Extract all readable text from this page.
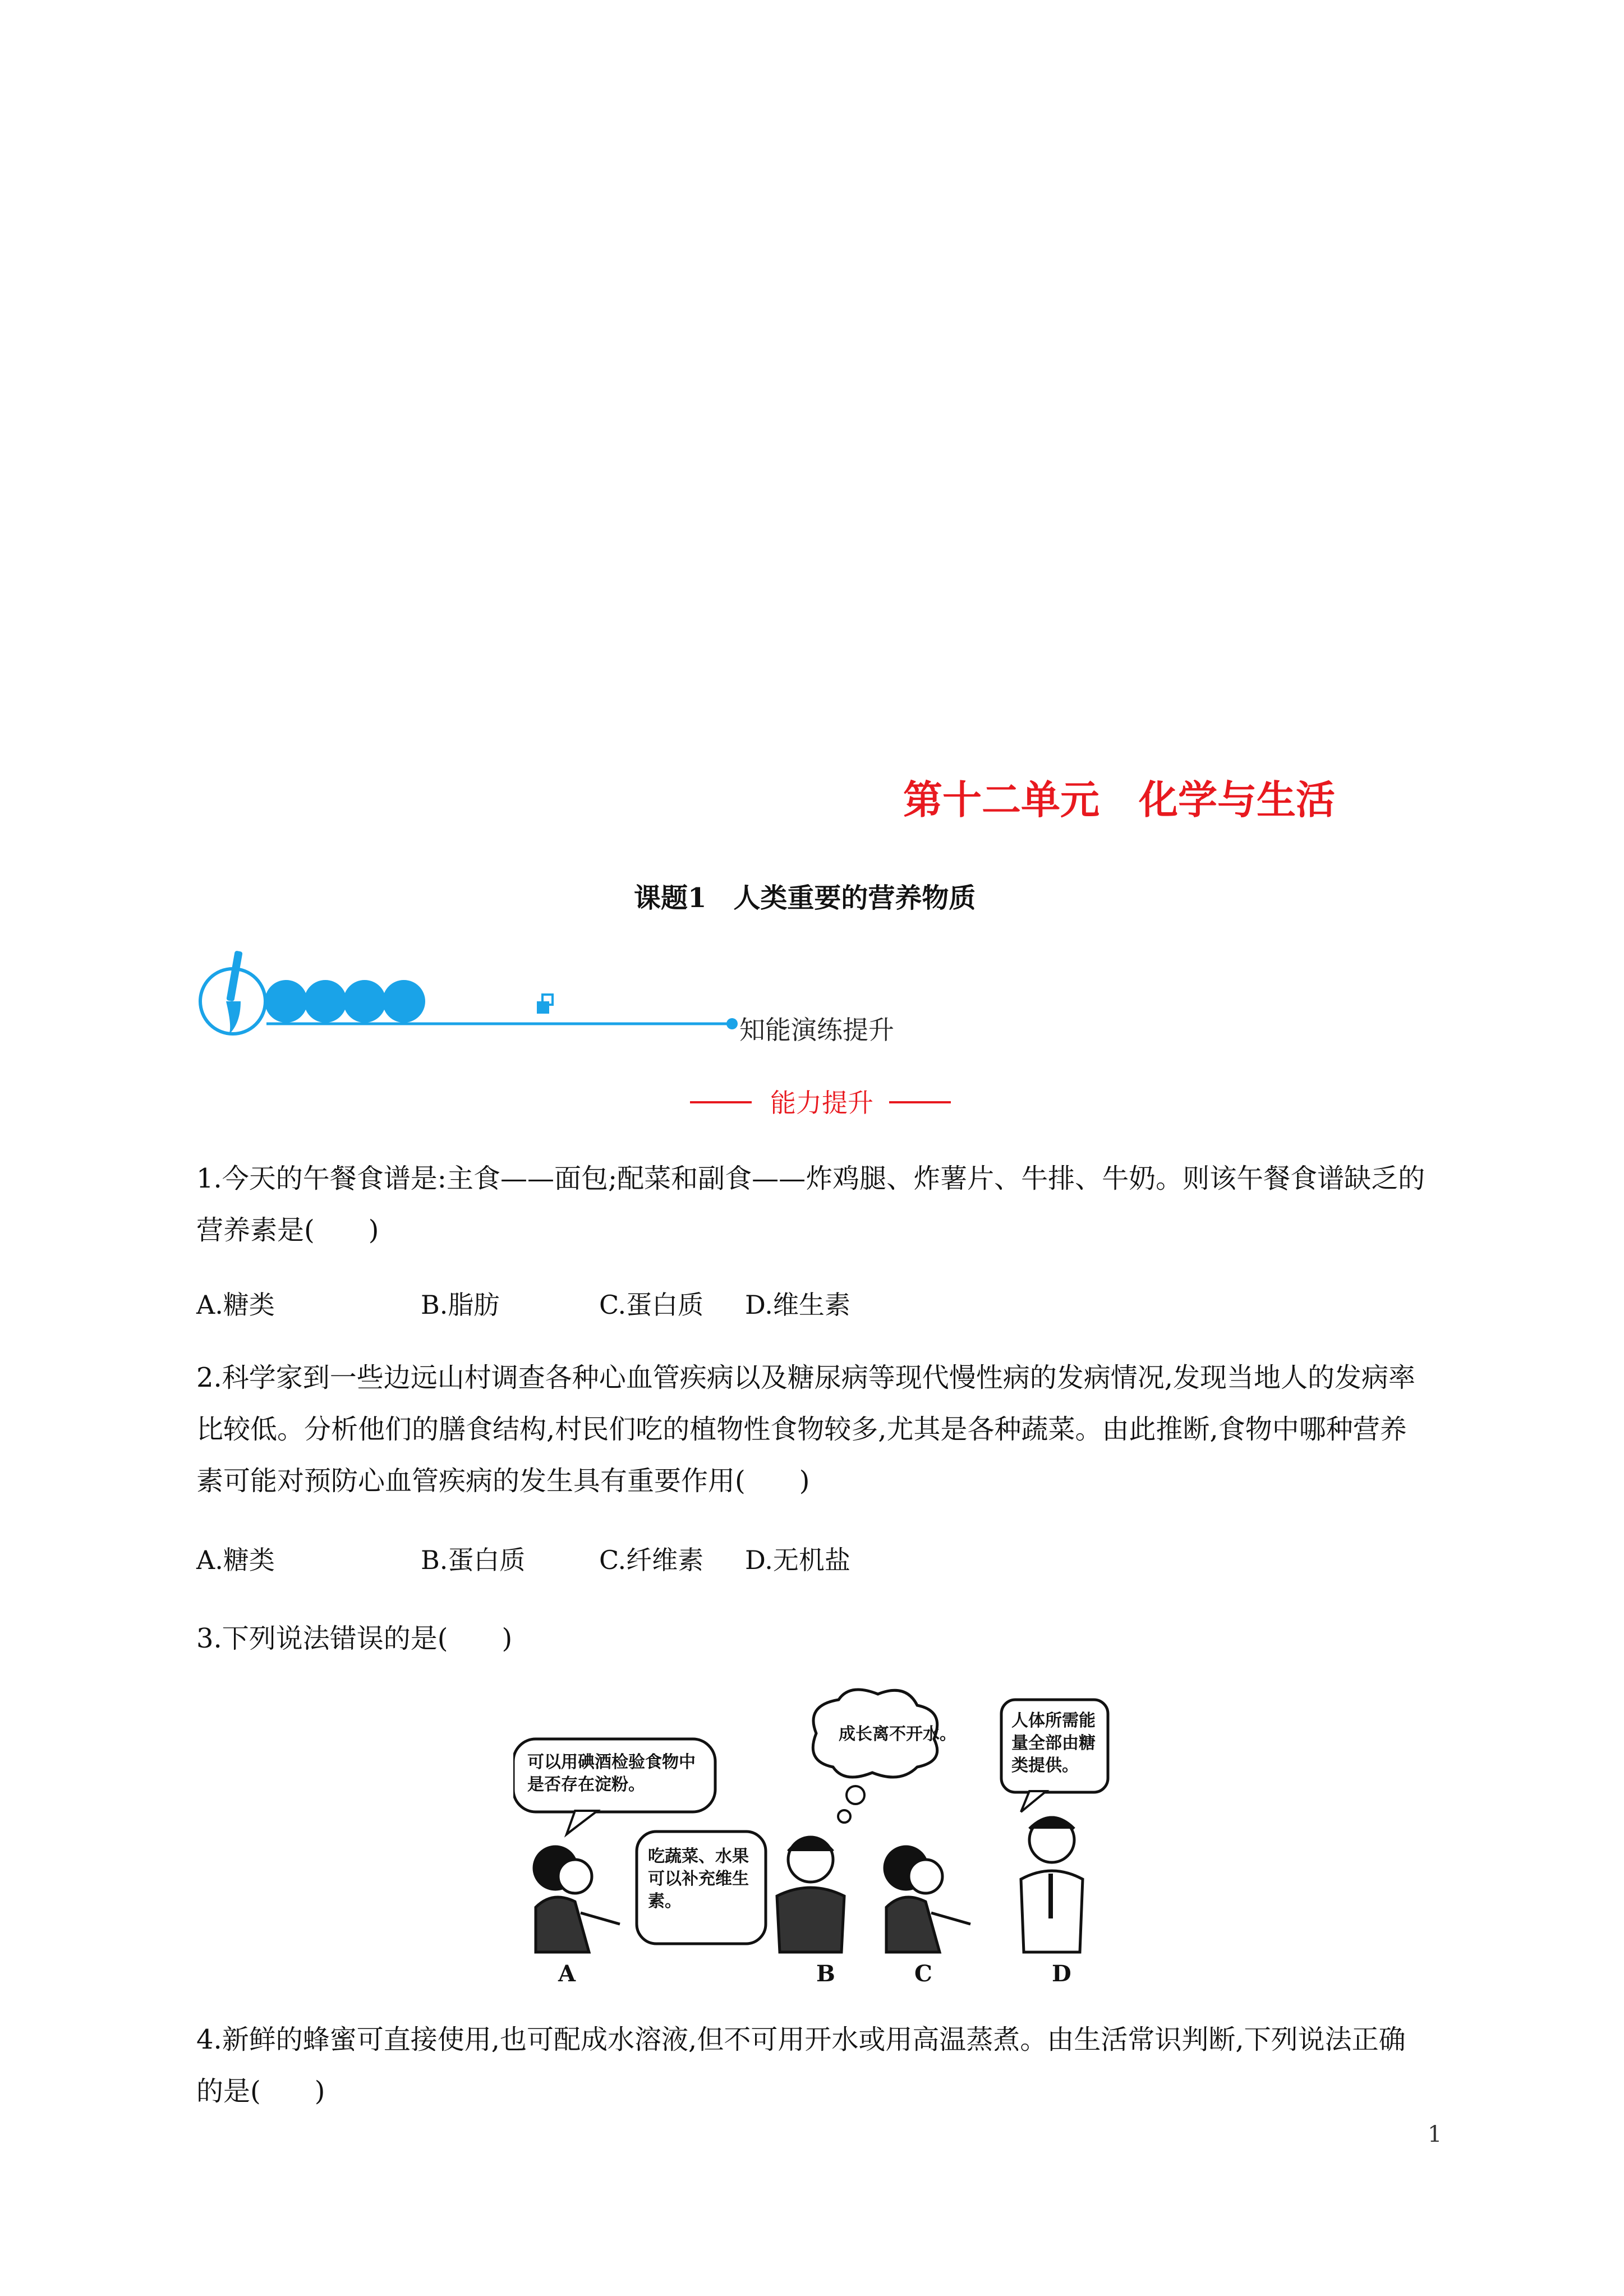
第十二单元　化学与生活
课题1　人类重要的营养物质
知能演练提升
能力提升
1.今天的午餐食谱是:主食——面包;配菜和副食——炸鸡腿、炸薯片、牛排、牛奶。则该午餐食谱缺乏的营养素是(　　)
A.糖类	B.脂肪	C.蛋白质 D.维生素
2.科学家到一些边远山村调查各种心血管疾病以及糖尿病等现代慢性病的发病情况,发现当地人的发病率比较低。分析他们的膳食结构,村民们吃的植物性食物较多,尤其是各种蔬菜。由此推断,食物中哪种营养素可能对预防心血管疾病的发生具有重要作用(　　)
A.糖类	B.蛋白质	C.纤维素 D.无机盐
3.下列说法错误的是(　　)
可以用碘酒检验食物中是否存在淀粉。
吃蔬菜、水果可以补充维生素。
成长离不开水。
人体所需能量全部由糖类提供。
A	B	C	D
4.新鲜的蜂蜜可直接使用,也可配成水溶液,但不可用开水或用高温蒸煮。由生活常识判断,下列说法正确的是(　　)
1
